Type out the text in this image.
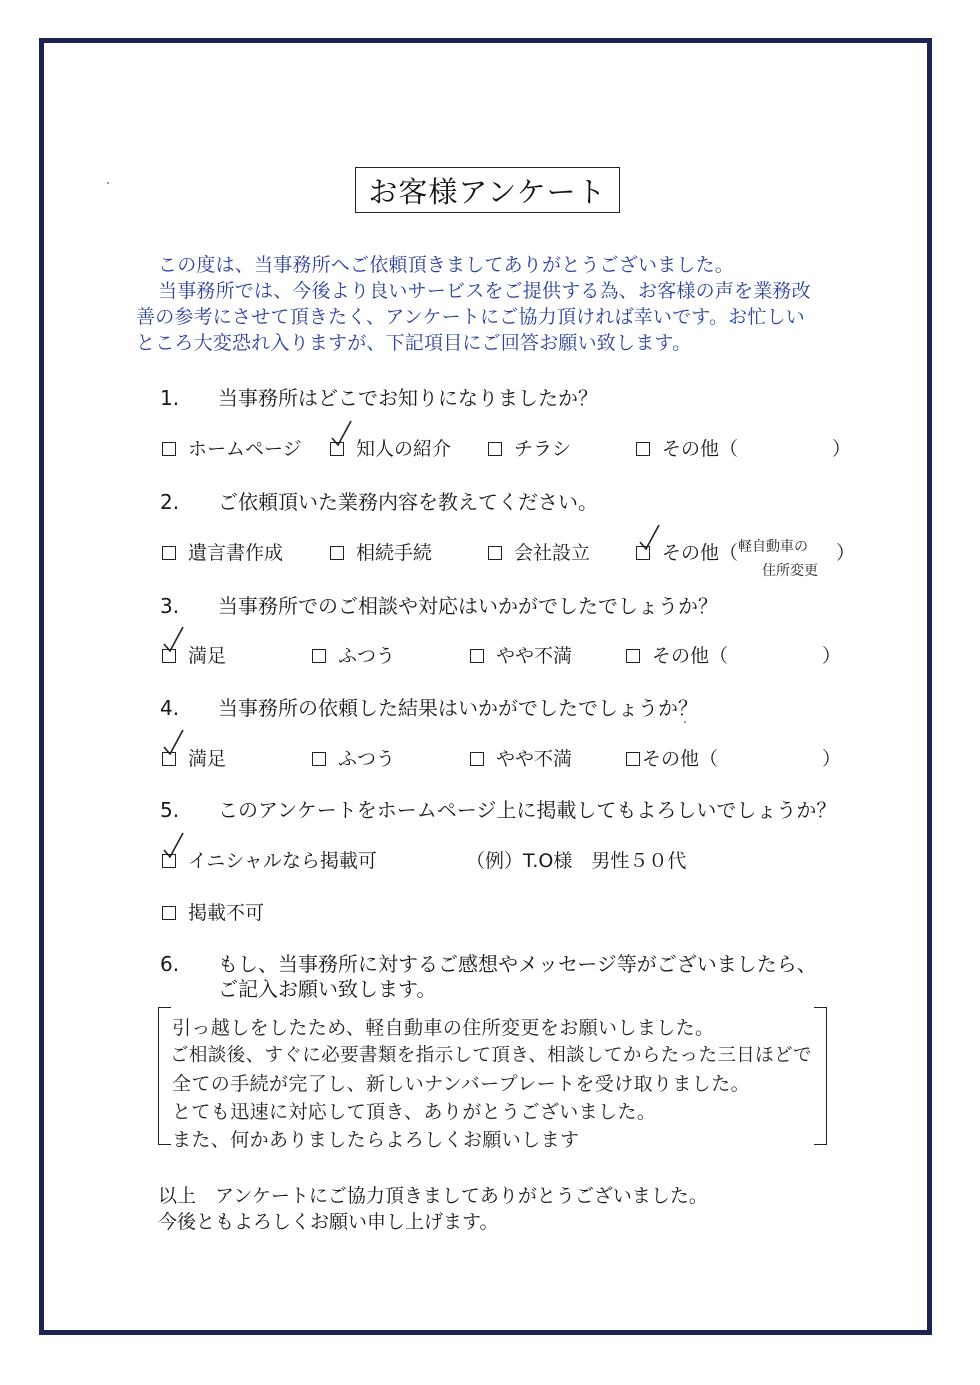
お客様アンケート
この度は、当事務所へご依頼頂きましてありがとうございました。
当事務所では、今後より良いサービスをご提供する為、お客様の声を業務改
善の参考にさせて頂きたく、アンケートにご協力頂ければ幸いです。お忙しい
ところ大変恐れ入りますが、下記項目にご回答お願い致します。
1. 当事務所はどこでお知りになりましたか？
ホームページ	知人の紹介	チラシ	その他（	）
2. ご依頼頂いた業務内容を教えてください。
遺言書作成	相続手続	会社設立	その他（ 軽自動車の
住所変更
）
3. 当事務所でのご相談や対応はいかがでしたでしょうか？
満足	ふつう	やや不満	その他（	）
4. 当事務所の依頼した結果はいかがでしたでしょうか？
満足	ふつう	やや不満	その他（	）
5. このアンケートをホームページ上に掲載してもよろしいでしょうか？
イニシャルなら掲載可	（例）T.O様　男性５０代
掲載不可
6. もし、当事務所に対するご感想やメッセージ等がございましたら、
ご記入お願い致します。
引っ越しをしたため、軽自動車の住所変更をお願いしました。
ご相談後、すぐに必要書類を指示して頂き、相談してからたった三日ほどで
全ての手続が完了し、新しいナンバープレートを受け取りました。
とても迅速に対応して頂き、ありがとうございました。
また、何かありましたらよろしくお願いします
以上　アンケートにご協力頂きましてありがとうございました。
今後ともよろしくお願い申し上げます。
